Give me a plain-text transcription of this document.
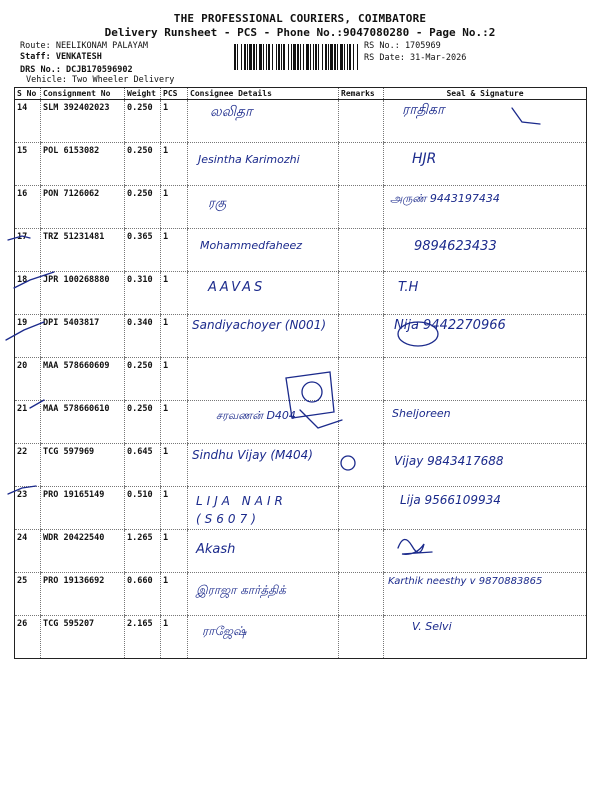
THE PROFESSIONAL COURIERS, COIMBATORE
Delivery Runsheet - PCS - Phone No.:9047080280 - Page No.:2
Route: NEELIKONAM PALAYAM
Staff: VENKATESH
DRS No.: DCJB170596902
Vehicle: Two Wheeler Delivery
RS No.: 1705969
RS Date: 31-Mar-2026
S No	Consignment No	Weight	PCS	Consignee Details	Remarks	Seal & Signature
14	SLM 392402023	0.250	1	லலிதா		ராதிகா

15	POL 6153082	0.250	1	Jesintha Karimozhi		HJR

16	PON 7126062	0.250	1	ரகு		அருண் 9443197434

17	TRZ 51231481	0.365	1	Mohammedfaheez		9894623433

18	JPR 100268880	0.310	1	AAVAS		T.H

19	DPI 5403817	0.340	1	Sandiyachoyer (N001)		Nija 9442270966

20	MAA 578660609	0.250	1			
21	MAA 578660610	0.250	1	சரவணன் D404		Sheljoreen

22	TCG 597969	0.645	1	Sindhu Vijay (M404)		Vijay 9843417688

23	PRO 19165149	0.510	1	LIJA NAIR (S607)		Lija 9566109934

24	WDR 20422540	1.265	1	Akash		

25	PRO 19136692	0.660	1	இராஜா கார்த்திக்		Karthik neesthy v 9870883865

26	TCG 595207	2.165	1	ராஜேஷ்		V. Selvi
